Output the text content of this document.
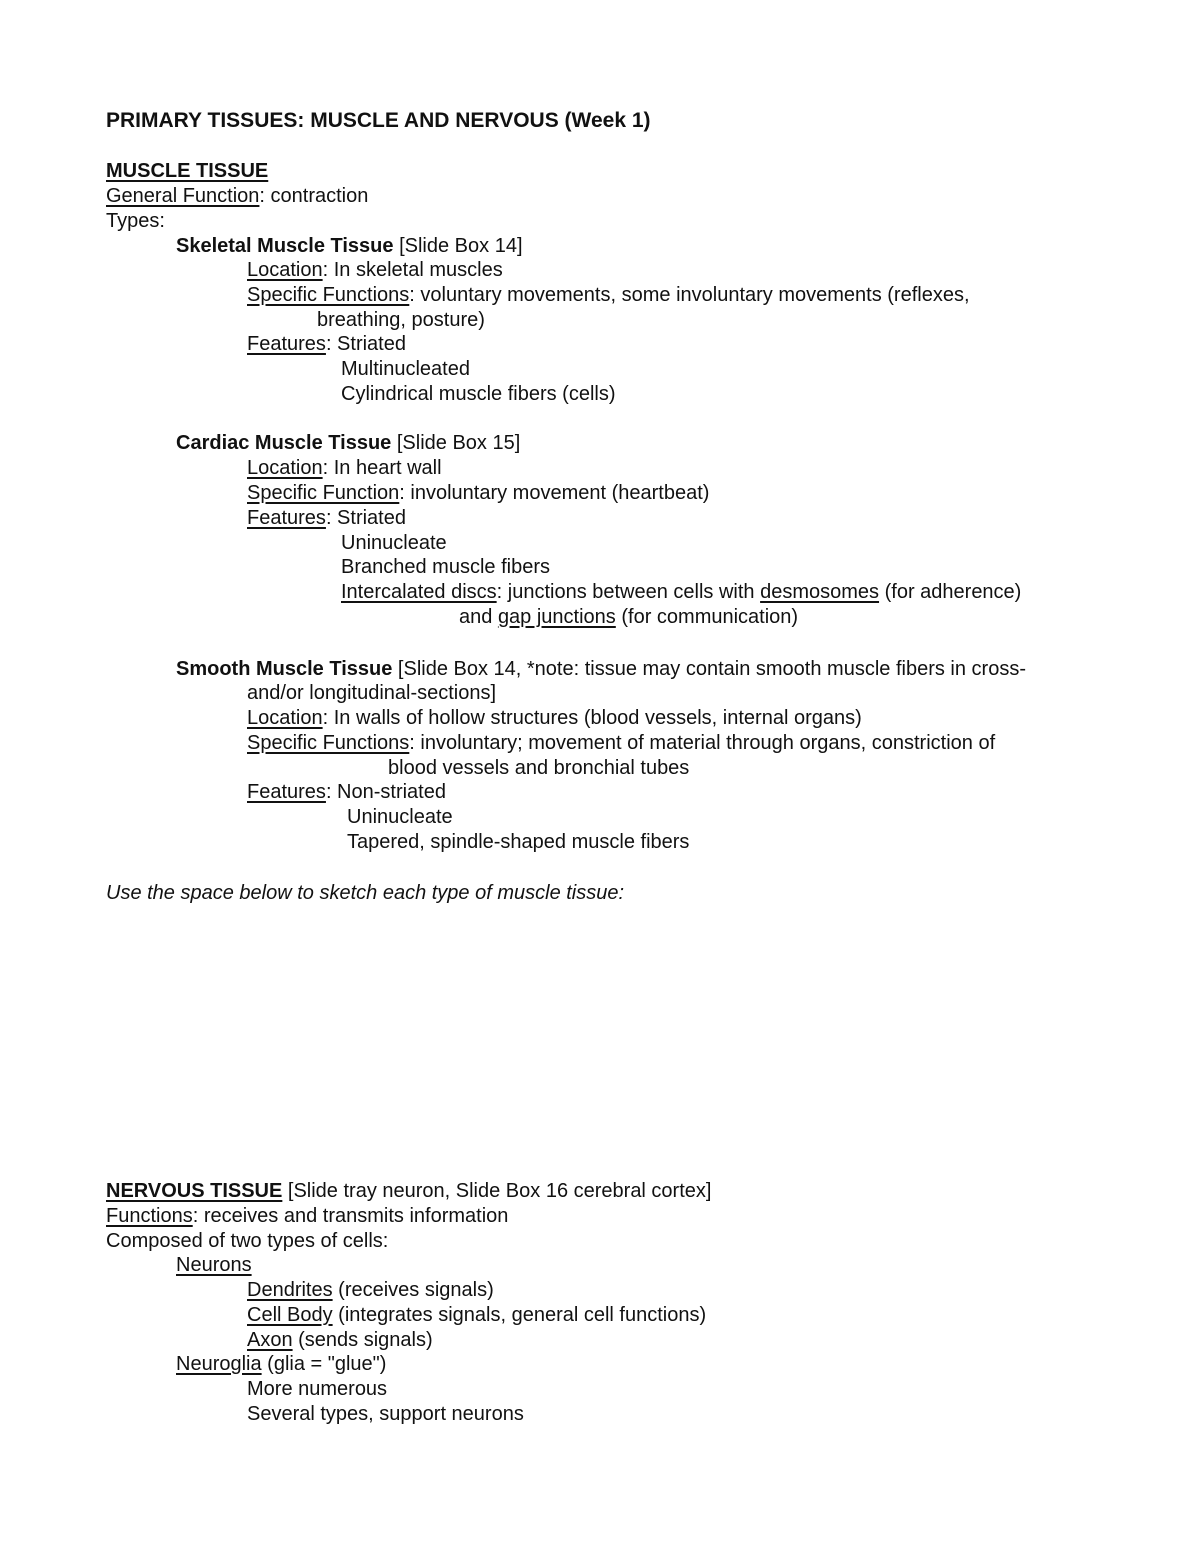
PRIMARY TISSUES: MUSCLE AND NERVOUS (Week 1)
MUSCLE TISSUE
General Function: contraction
Types:
Skeletal Muscle Tissue [Slide Box 14]
Location: In skeletal muscles
Specific Functions: voluntary movements, some involuntary movements (reflexes,
breathing, posture)
Features: Striated
Multinucleated
Cylindrical muscle fibers (cells)
Cardiac Muscle Tissue [Slide Box 15]
Location: In heart wall
Specific Function: involuntary movement (heartbeat)
Features: Striated
Uninucleate
Branched muscle fibers
Intercalated discs: junctions between cells with desmosomes (for adherence)
and gap junctions (for communication)
Smooth Muscle Tissue [Slide Box 14, *note: tissue may contain smooth muscle fibers in cross-
and/or longitudinal-sections]
Location: In walls of hollow structures (blood vessels, internal organs)
Specific Functions: involuntary; movement of material through organs, constriction of
blood vessels and bronchial tubes
Features: Non-striated
Uninucleate
Tapered, spindle-shaped muscle fibers
Use the space below to sketch each type of muscle tissue:
NERVOUS TISSUE [Slide tray neuron, Slide Box 16 cerebral cortex]
Functions: receives and transmits information
Composed of two types of cells:
Neurons
Dendrites (receives signals)
Cell Body (integrates signals, general cell functions)
Axon (sends signals)
Neuroglia (glia = "glue")
More numerous
Several types, support neurons
